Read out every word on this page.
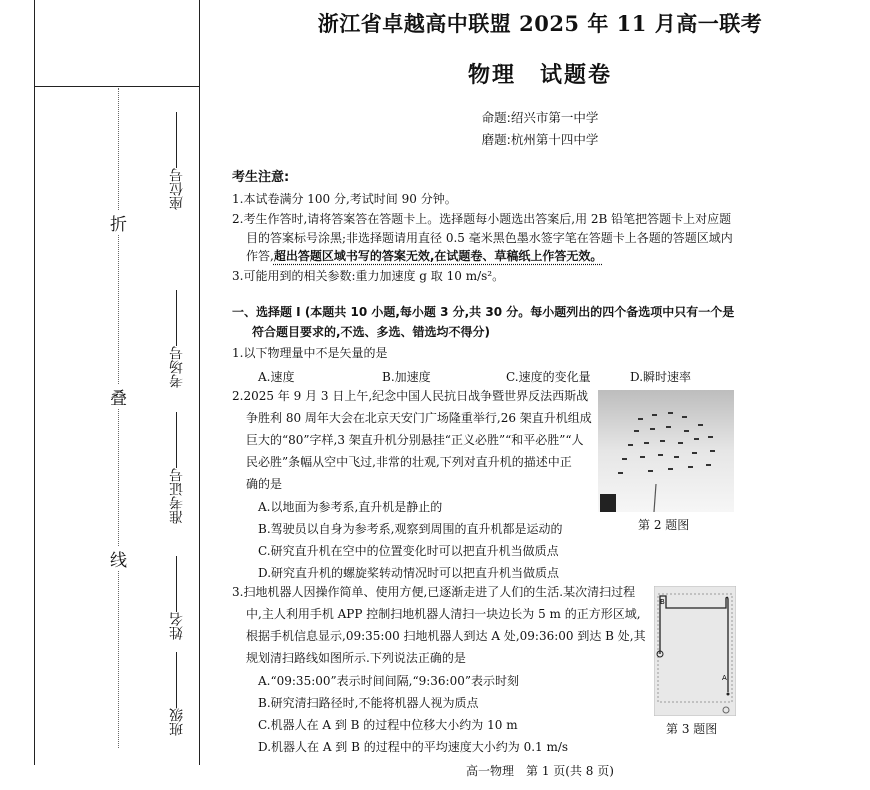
折
叠
线
座位号
考场号
准考证号
姓名
班级
浙江省卓越高中联盟 2025 年 11 月高一联考
物理　试题卷
命题:绍兴市第一中学
磨题:杭州第十四中学
考生注意:
1.本试卷满分 100 分,考试时间 90 分钟。
2.考生作答时,请将答案答在答题卡上。选择题每小题选出答案后,用 2B 铅笔把答题卡上对应题
目的答案标号涂黑;非选择题请用直径 0.5 毫米黑色墨水签字笔在答题卡上各题的答题区域内
作答,超出答题区域书写的答案无效,在试题卷、草稿纸上作答无效。
3.可能用到的相关参数:重力加速度 g 取 10 m/s²。
一、选择题 Ⅰ (本题共 10 小题,每小题 3 分,共 30 分。每小题列出的四个备选项中只有一个是
符合题目要求的,不选、多选、错选均不得分)
1.以下物理量中不是矢量的是
A.速度	B.加速度	C.速度的变化量	D.瞬时速率
2.2025 年 9 月 3 日上午,纪念中国人民抗日战争暨世界反法西斯战
争胜利 80 周年大会在北京天安门广场隆重举行,26 架直升机组成
巨大的“80”字样,3 架直升机分别悬挂“正义必胜”“和平必胜”“人
民必胜”条幅从空中飞过,非常的壮观,下列对直升机的描述中正
确的是
A.以地面为参考系,直升机是静止的
B.驾驶员以自身为参考系,观察到周围的直升机都是运动的
C.研究直升机在空中的位置变化时可以把直升机当做质点
D.研究直升机的螺旋桨转动情况时可以把直升机当做质点
第 2 题图
3.扫地机器人因操作简单、使用方便,已逐渐走进了人们的生活.某次清扫过程
中,主人利用手机 APP 控制扫地机器人清扫一块边长为 5 m 的正方形区域,
根据手机信息显示,09:35:00 扫地机器人到达 A 处,09:36:00 到达 B 处,其
规划清扫路线如图所示.下列说法正确的是
A.“09:35:00”表示时间间隔,“9:36:00”表示时刻
B.研究清扫路径时,不能将机器人视为质点
C.机器人在 A 到 B 的过程中位移大小约为 10 m
D.机器人在 A 到 B 的过程中的平均速度大小约为 0.1 m/s
B
A
第 3 题图
高一物理　第 1 页(共 8 页)
